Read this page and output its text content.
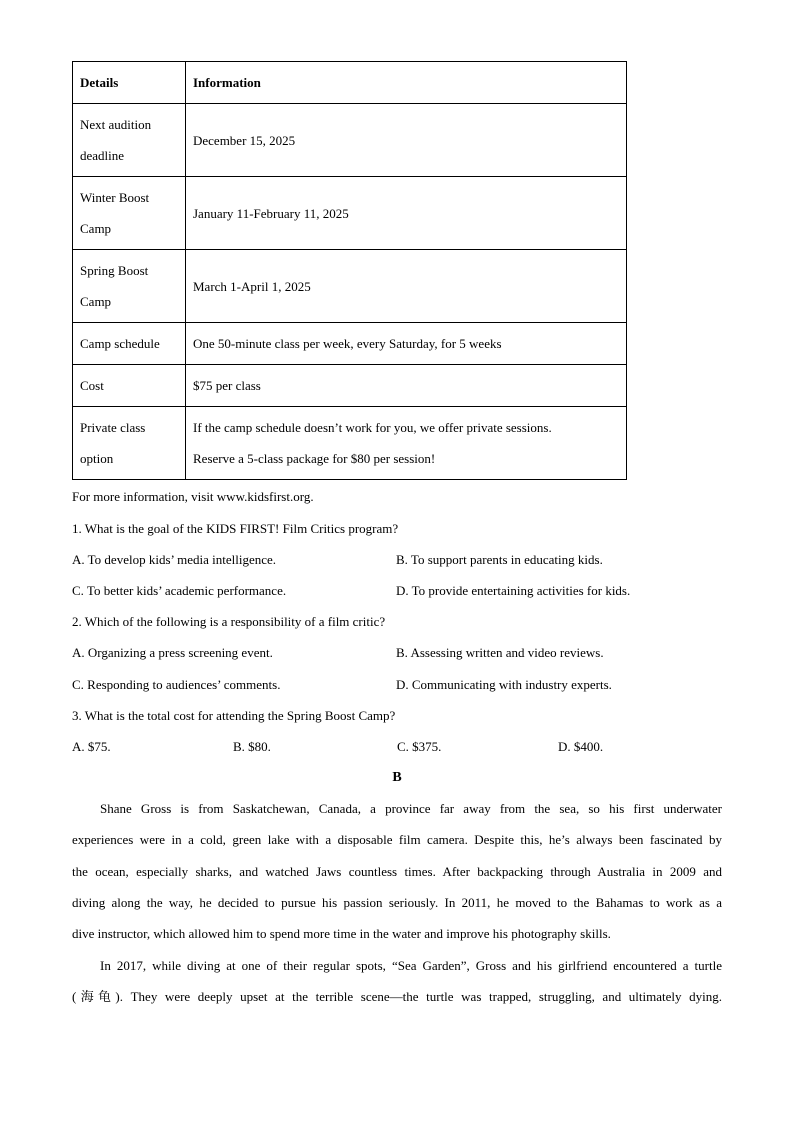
Details	Information
Next audition
deadline	December 15, 2025
Winter Boost
Camp	January 11-February 11, 2025
Spring Boost
Camp	March 1-April 1, 2025
Camp schedule	One 50-minute class per week, every Saturday, for 5 weeks
Cost	$75 per class
Private class
option	If the camp schedule doesn’t work for you, we offer private sessions.
Reserve a 5-class package for $80 per session!
For more information, visit www.kidsfirst.org.
1. What is the goal of the KIDS FIRST! Film Critics program?
A. To develop kids’ media intelligence.	B. To support parents in educating kids.
C. To better kids’ academic performance.	D. To provide entertaining activities for kids.
2. Which of the following is a responsibility of a film critic?
A. Organizing a press screening event.	B. Assessing written and video reviews.
C. Responding to audiences’ comments.	D. Communicating with industry experts.
3. What is the total cost for attending the Spring Boost Camp?
A. $75.	B. $80.	C. $375.	D. $400.
B
Shane Gross is from Saskatchewan, Canada, a province far away from the sea, so his first underwater
experiences were in a cold, green lake with a disposable film camera. Despite this, he’s always been fascinated by
the ocean, especially sharks, and watched Jaws countless times. After backpacking through Australia in 2009 and
diving along the way, he decided to pursue his passion seriously. In 2011, he moved to the Bahamas to work as a
dive instructor, which allowed him to spend more time in the water and improve his photography skills.
In 2017, while diving at one of their regular spots, “Sea Garden”, Gross and his girlfriend encountered a turtle
(海龟). They were deeply upset at the terrible scene—the turtle was trapped, struggling, and ultimately dying.
